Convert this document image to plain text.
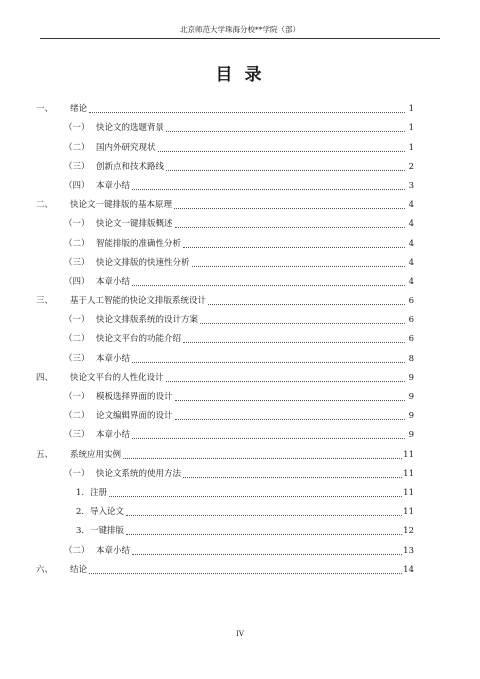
北京师范大学珠海分校**学院（部）
目 录
一、	绪论	1
（一） 快论文的选题背景	1
（二） 国内外研究现状	1
（三） 创新点和技术路线	2
（四） 本章小结	3
二、	快论文一键排版的基本原理	4
（一） 快论文一键排版概述	4
（二） 智能排版的准确性分析	4
（三） 快论文排版的快速性分析	4
（四） 本章小结	4
三、	基于人工智能的快论文排版系统设计	6
（一） 快论文排版系统的设计方案	6
（二） 快论文平台的功能介绍	6
（三） 本章小结	8
四、	快论文平台的人性化设计	9
（一） 模板选择界面的设计	9
（二） 论文编辑界面的设计	9
（三） 本章小结	9
五、	系统应用实例	11
（一） 快论文系统的使用方法	11
1. 注册	11
2. 导入论文	11
3. 一键排版	12
（二） 本章小结	13
六、	结论	14
IV
